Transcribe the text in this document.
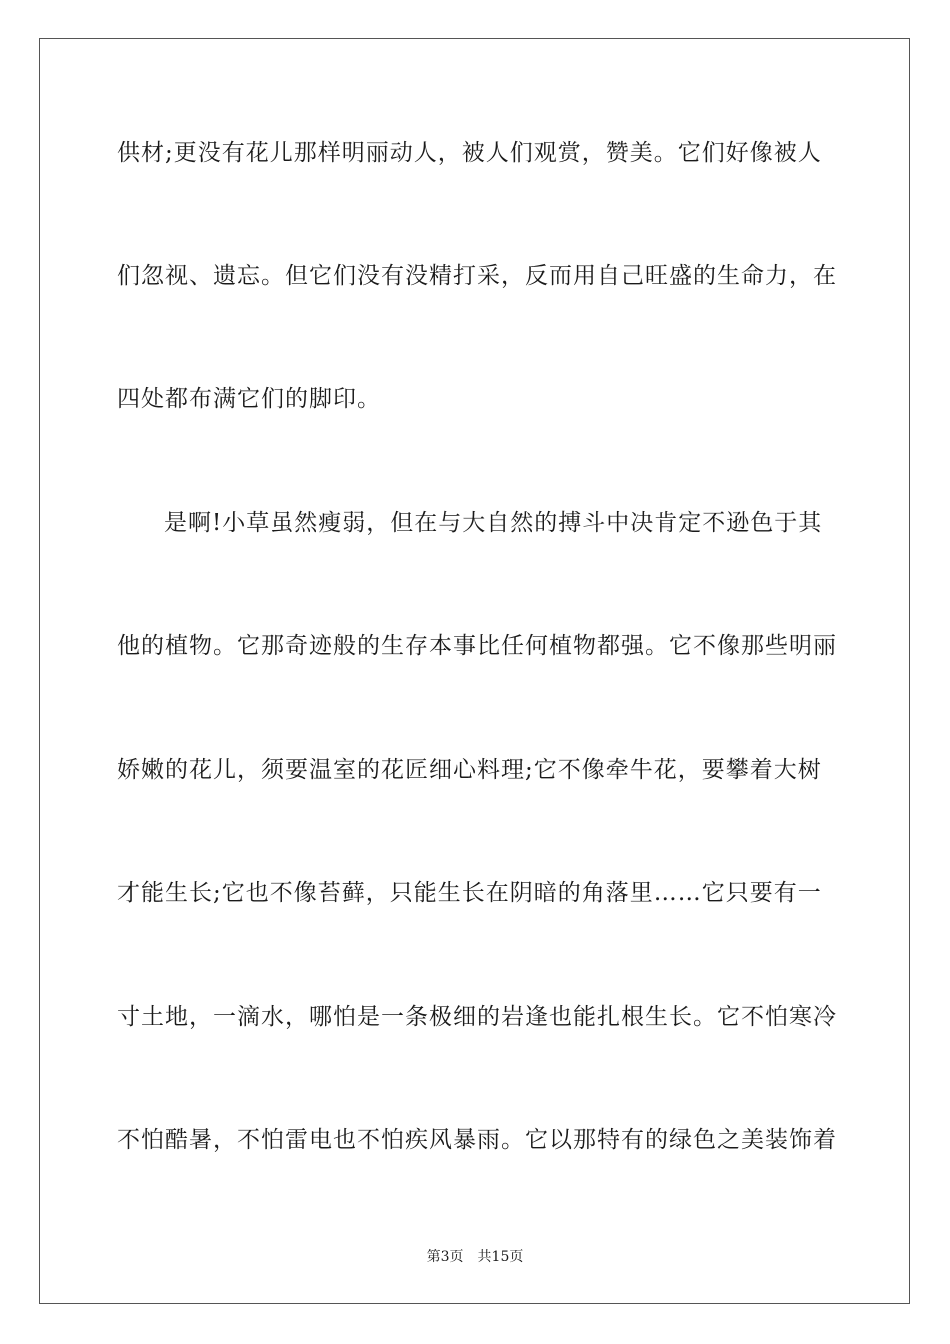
供材;更没有花儿那样明丽动人，被人们观赏，赞美。它们好像被人
们忽视、遗忘。但它们没有没精打采，反而用自己旺盛的生命力，在
四处都布满它们的脚印。
是啊!小草虽然瘦弱，但在与大自然的搏斗中决肯定不逊色于其
他的植物。它那奇迹般的生存本事比任何植物都强。它不像那些明丽
娇嫩的花儿，须要温室的花匠细心料理;它不像牵牛花，要攀着大树
才能生长;它也不像苔藓，只能生长在阴暗的角落里……它只要有一
寸土地，一滴水，哪怕是一条极细的岩逢也能扎根生长。它不怕寒冷
不怕酷暑，不怕雷电也不怕疾风暴雨。它以那特有的绿色之美装饰着
第3页 共15页
